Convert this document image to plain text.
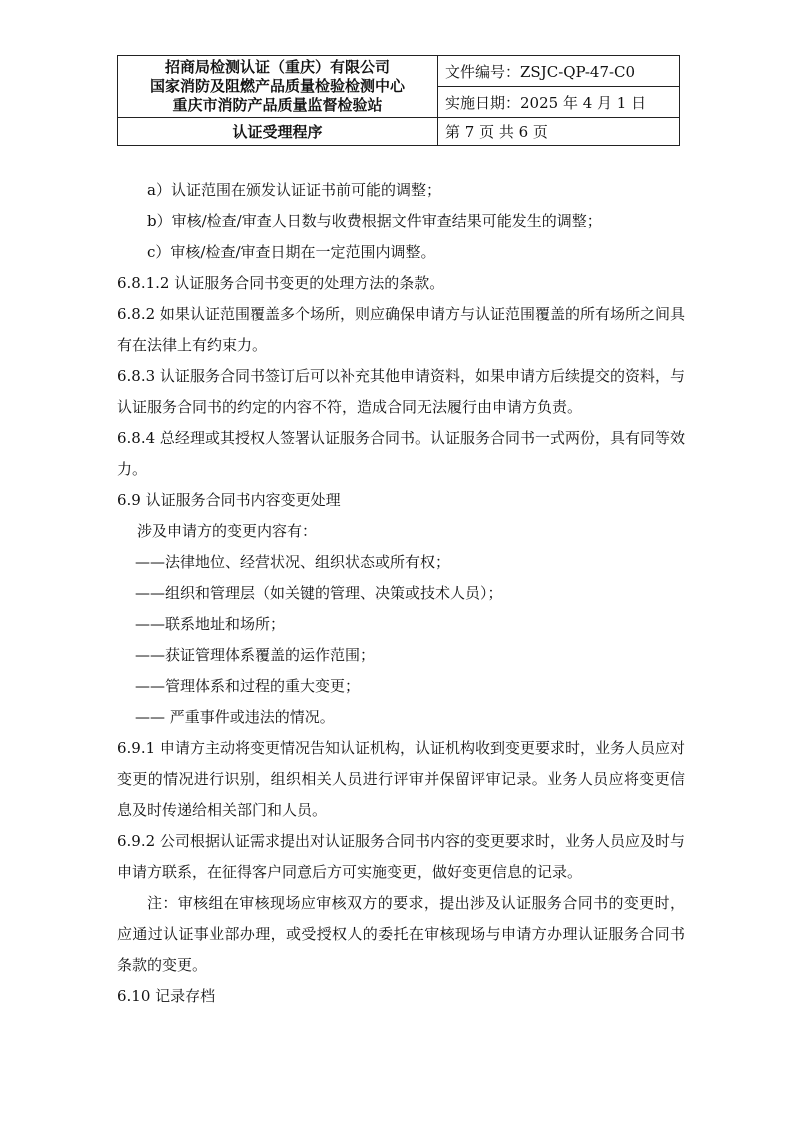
招商局检测认证（重庆）有限公司
国家消防及阻燃产品质量检验检测中心
重庆市消防产品质量监督检验站	文件编号：ZSJC-QP-47-C0
	实施日期：2025 年 4 月 1 日
认证受理程序	第 7 页 共 6 页

a）认证范围在颁发认证证书前可能的调整；

b）审核/检查/审查人日数与收费根据文件审查结果可能发生的调整；

c）审核/检查/审查日期在一定范围内调整。

6.8.1.2 认证服务合同书变更的处理方法的条款。

6.8.2 如果认证范围覆盖多个场所，则应确保申请方与认证范围覆盖的所有场所之间具有在法律上有约束力。

6.8.3 认证服务合同书签订后可以补充其他申请资料，如果申请方后续提交的资料，与认证服务合同书的约定的内容不符，造成合同无法履行由申请方负责。

6.8.4 总经理或其授权人签署认证服务合同书。认证服务合同书一式两份，具有同等效力。

6.9 认证服务合同书内容变更处理

涉及申请方的变更内容有：

——法律地位、经营状况、组织状态或所有权；

——组织和管理层（如关键的管理、决策或技术人员）；

——联系地址和场所；

——获证管理体系覆盖的运作范围；

——管理体系和过程的重大变更；

—— 严重事件或违法的情况。

6.9.1 申请方主动将变更情况告知认证机构，认证机构收到变更要求时，业务人员应对变更的情况进行识别，组织相关人员进行评审并保留评审记录。业务人员应将变更信息及时传递给相关部门和人员。

6.9.2 公司根据认证需求提出对认证服务合同书内容的变更要求时，业务人员应及时与申请方联系，在征得客户同意后方可实施变更，做好变更信息的记录。

注：审核组在审核现场应审核双方的要求，提出涉及认证服务合同书的变更时，应通过认证事业部办理，或受授权人的委托在审核现场与申请方办理认证服务合同书条款的变更。

6.10 记录存档
